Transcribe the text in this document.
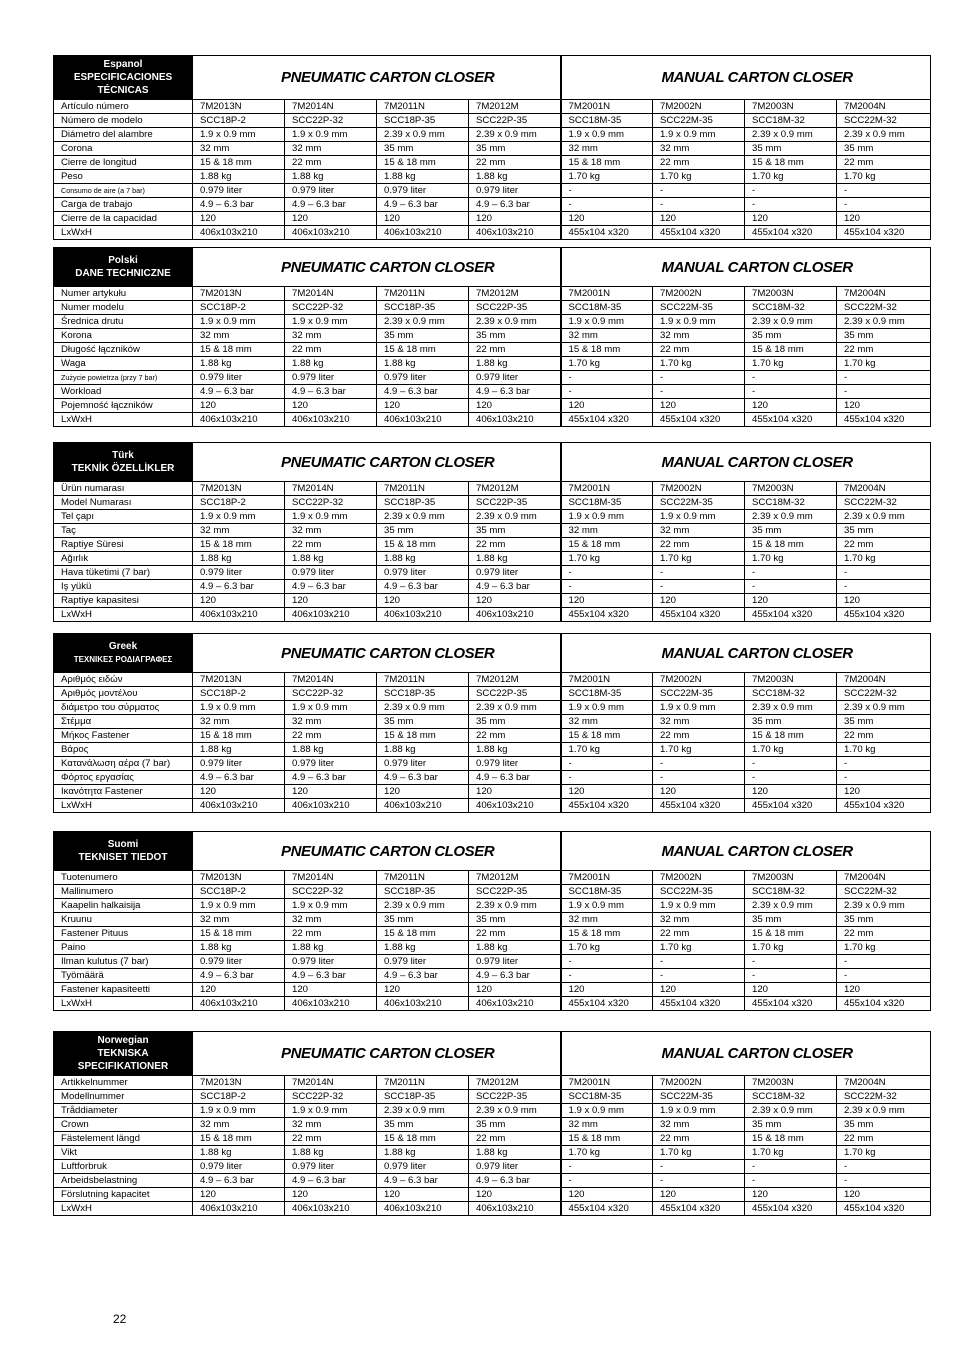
Espanol
ESPECIFICACIONES TÉCNICAS	PNEUMATIC CARTON CLOSER				MANUAL CARTON CLOSER			
Artículo número	7M2013N	7M2014N	7M2011N	7M2012M	7M2001N	7M2002N	7M2003N	7M2004N
Número de modelo	SCC18P-2	SCC22P-32	SCC18P-35	SCC22P-35	SCC18M-35	SCC22M-35	SCC18M-32	SCC22M-32
Diámetro del alambre	1.9 x 0.9 mm	1.9 x 0.9 mm	2.39 x 0.9 mm	2.39 x 0.9 mm	1.9 x 0.9 mm	1.9 x 0.9 mm	2.39 x 0.9 mm	2.39 x 0.9 mm
Corona	32 mm	32 mm	35 mm	35 mm	32 mm	32 mm	35 mm	35 mm
Cierre de longitud	15 & 18 mm	22 mm	15 & 18 mm	22 mm	15 & 18 mm	22 mm	15 & 18 mm	22 mm
Peso	1.88 kg	1.88 kg	1.88 kg	1.88 kg	1.70 kg	1.70 kg	1.70 kg	1.70 kg
Consumo de aire (a 7 bar)	0.979 liter	0.979 liter	0.979 liter	0.979 liter	-	-	-	-
Carga de trabajo	4.9 – 6.3 bar	4.9 – 6.3 bar	4.9 – 6.3 bar	4.9 – 6.3 bar	-	-	-	-
Cierre de la capacidad	120	120	120	120	120	120	120	120
LxWxH	406x103x210	406x103x210	406x103x210	406x103x210	455x104 x320	455x104 x320	455x104 x320	455x104 x320
Polski
DANE TECHNICZNE	PNEUMATIC CARTON CLOSER				MANUAL CARTON CLOSER			
Numer artykułu	7M2013N	7M2014N	7M2011N	7M2012M	7M2001N	7M2002N	7M2003N	7M2004N
Numer modelu	SCC18P-2	SCC22P-32	SCC18P-35	SCC22P-35	SCC18M-35	SCC22M-35	SCC18M-32	SCC22M-32
Średnica drutu	1.9 x 0.9 mm	1.9 x 0.9 mm	2.39 x 0.9 mm	2.39 x 0.9 mm	1.9 x 0.9 mm	1.9 x 0.9 mm	2.39 x 0.9 mm	2.39 x 0.9 mm
Korona	32 mm	32 mm	35 mm	35 mm	32 mm	32 mm	35 mm	35 mm
Długość łączników	15 & 18 mm	22 mm	15 & 18 mm	22 mm	15 & 18 mm	22 mm	15 & 18 mm	22 mm
Waga	1.88 kg	1.88 kg	1.88 kg	1.88 kg	1.70 kg	1.70 kg	1.70 kg	1.70 kg
Zużycie powietrza (przy 7 bar)	0.979 liter	0.979 liter	0.979 liter	0.979 liter	-	-	-	-
Workload	4.9 – 6.3 bar	4.9 – 6.3 bar	4.9 – 6.3 bar	4.9 – 6.3 bar	-	-	-	-
Pojemność łączników	120	120	120	120	120	120	120	120
LxWxH	406x103x210	406x103x210	406x103x210	406x103x210	455x104 x320	455x104 x320	455x104 x320	455x104 x320
Türk
TEKNİK ÖZELLİKLER	PNEUMATIC CARTON CLOSER				MANUAL CARTON CLOSER			
Ürün numarası	7M2013N	7M2014N	7M2011N	7M2012M	7M2001N	7M2002N	7M2003N	7M2004N
Model Numarası	SCC18P-2	SCC22P-32	SCC18P-35	SCC22P-35	SCC18M-35	SCC22M-35	SCC18M-32	SCC22M-32
Tel çapı	1.9 x 0.9 mm	1.9 x 0.9 mm	2.39 x 0.9 mm	2.39 x 0.9 mm	1.9 x 0.9 mm	1.9 x 0.9 mm	2.39 x 0.9 mm	2.39 x 0.9 mm
Taç	32 mm	32 mm	35 mm	35 mm	32 mm	32 mm	35 mm	35 mm
Raptiye Süresi	15 & 18 mm	22 mm	15 & 18 mm	22 mm	15 & 18 mm	22 mm	15 & 18 mm	22 mm
Ağırlık	1.88 kg	1.88 kg	1.88 kg	1.88 kg	1.70 kg	1.70 kg	1.70 kg	1.70 kg
Hava tüketimi (7 bar)	0.979 liter	0.979 liter	0.979 liter	0.979 liter	-	-	-	-
Iş yükü	4.9 – 6.3 bar	4.9 – 6.3 bar	4.9 – 6.3 bar	4.9 – 6.3 bar	-	-	-	-
Raptiye kapasitesi	120	120	120	120	120	120	120	120
LxWxH	406x103x210	406x103x210	406x103x210	406x103x210	455x104 x320	455x104 x320	455x104 x320	455x104 x320
Greek
ΤΕΧΝΙΚΕΣ ΡΟΔΙΑΓΡΑΦΕΣ	PNEUMATIC CARTON CLOSER				MANUAL CARTON CLOSER			
Αριθμός ειδών	7M2013N	7M2014N	7M2011N	7M2012M	7M2001N	7M2002N	7M2003N	7M2004N
Αριθμός μοντέλου	SCC18P-2	SCC22P-32	SCC18P-35	SCC22P-35	SCC18M-35	SCC22M-35	SCC18M-32	SCC22M-32
διάμετρο του σύρματος	1.9 x 0.9 mm	1.9 x 0.9 mm	2.39 x 0.9 mm	2.39 x 0.9 mm	1.9 x 0.9 mm	1.9 x 0.9 mm	2.39 x 0.9 mm	2.39 x 0.9 mm
Στέμμα	32 mm	32 mm	35 mm	35 mm	32 mm	32 mm	35 mm	35 mm
Μήκος Fastener	15 & 18 mm	22 mm	15 & 18 mm	22 mm	15 & 18 mm	22 mm	15 & 18 mm	22 mm
Βάρος	1.88 kg	1.88 kg	1.88 kg	1.88 kg	1.70 kg	1.70 kg	1.70 kg	1.70 kg
Κατανάλωση αέρα (7 bar)	0.979 liter	0.979 liter	0.979 liter	0.979 liter	-	-	-	-
Φόρτος εργασίας	4.9 – 6.3 bar	4.9 – 6.3 bar	4.9 – 6.3 bar	4.9 – 6.3 bar	-	-	-	-
Ικανότητα Fastener	120	120	120	120	120	120	120	120
LxWxH	406x103x210	406x103x210	406x103x210	406x103x210	455x104 x320	455x104 x320	455x104 x320	455x104 x320
Suomi
TEKNISET TIEDOT	PNEUMATIC CARTON CLOSER				MANUAL CARTON CLOSER			
Tuotenumero	7M2013N	7M2014N	7M2011N	7M2012M	7M2001N	7M2002N	7M2003N	7M2004N
Mallinumero	SCC18P-2	SCC22P-32	SCC18P-35	SCC22P-35	SCC18M-35	SCC22M-35	SCC18M-32	SCC22M-32
Kaapelin halkaisija	1.9 x 0.9 mm	1.9 x 0.9 mm	2.39 x 0.9 mm	2.39 x 0.9 mm	1.9 x 0.9 mm	1.9 x 0.9 mm	2.39 x 0.9 mm	2.39 x 0.9 mm
Kruunu	32 mm	32 mm	35 mm	35 mm	32 mm	32 mm	35 mm	35 mm
Fastener Pituus	15 & 18 mm	22 mm	15 & 18 mm	22 mm	15 & 18 mm	22 mm	15 & 18 mm	22 mm
Paino	1.88 kg	1.88 kg	1.88 kg	1.88 kg	1.70 kg	1.70 kg	1.70 kg	1.70 kg
Ilman kulutus (7 bar)	0.979 liter	0.979 liter	0.979 liter	0.979 liter	-	-	-	-
Työmäärä	4.9 – 6.3 bar	4.9 – 6.3 bar	4.9 – 6.3 bar	4.9 – 6.3 bar	-	-	-	-
Fastener kapasiteetti	120	120	120	120	120	120	120	120
LxWxH	406x103x210	406x103x210	406x103x210	406x103x210	455x104 x320	455x104 x320	455x104 x320	455x104 x320
Norwegian
TEKNISKA SPECIFIKATIONER	PNEUMATIC CARTON CLOSER				MANUAL CARTON CLOSER			
Artikkelnummer	7M2013N	7M2014N	7M2011N	7M2012M	7M2001N	7M2002N	7M2003N	7M2004N
Modellnummer	SCC18P-2	SCC22P-32	SCC18P-35	SCC22P-35	SCC18M-35	SCC22M-35	SCC18M-32	SCC22M-32
Tråddiameter	1.9 x 0.9 mm	1.9 x 0.9 mm	2.39 x 0.9 mm	2.39 x 0.9 mm	1.9 x 0.9 mm	1.9 x 0.9 mm	2.39 x 0.9 mm	2.39 x 0.9 mm
Crown	32 mm	32 mm	35 mm	35 mm	32 mm	32 mm	35 mm	35 mm
Fästelement längd	15 & 18 mm	22 mm	15 & 18 mm	22 mm	15 & 18 mm	22 mm	15 & 18 mm	22 mm
Vikt	1.88 kg	1.88 kg	1.88 kg	1.88 kg	1.70 kg	1.70 kg	1.70 kg	1.70 kg
Luftforbruk	0.979 liter	0.979 liter	0.979 liter	0.979 liter	-	-	-	-
Arbeidsbelastning	4.9 – 6.3 bar	4.9 – 6.3 bar	4.9 – 6.3 bar	4.9 – 6.3 bar	-	-	-	-
Förslutning kapacitet	120	120	120	120	120	120	120	120
LxWxH	406x103x210	406x103x210	406x103x210	406x103x210	455x104 x320	455x104 x320	455x104 x320	455x104 x320
22
